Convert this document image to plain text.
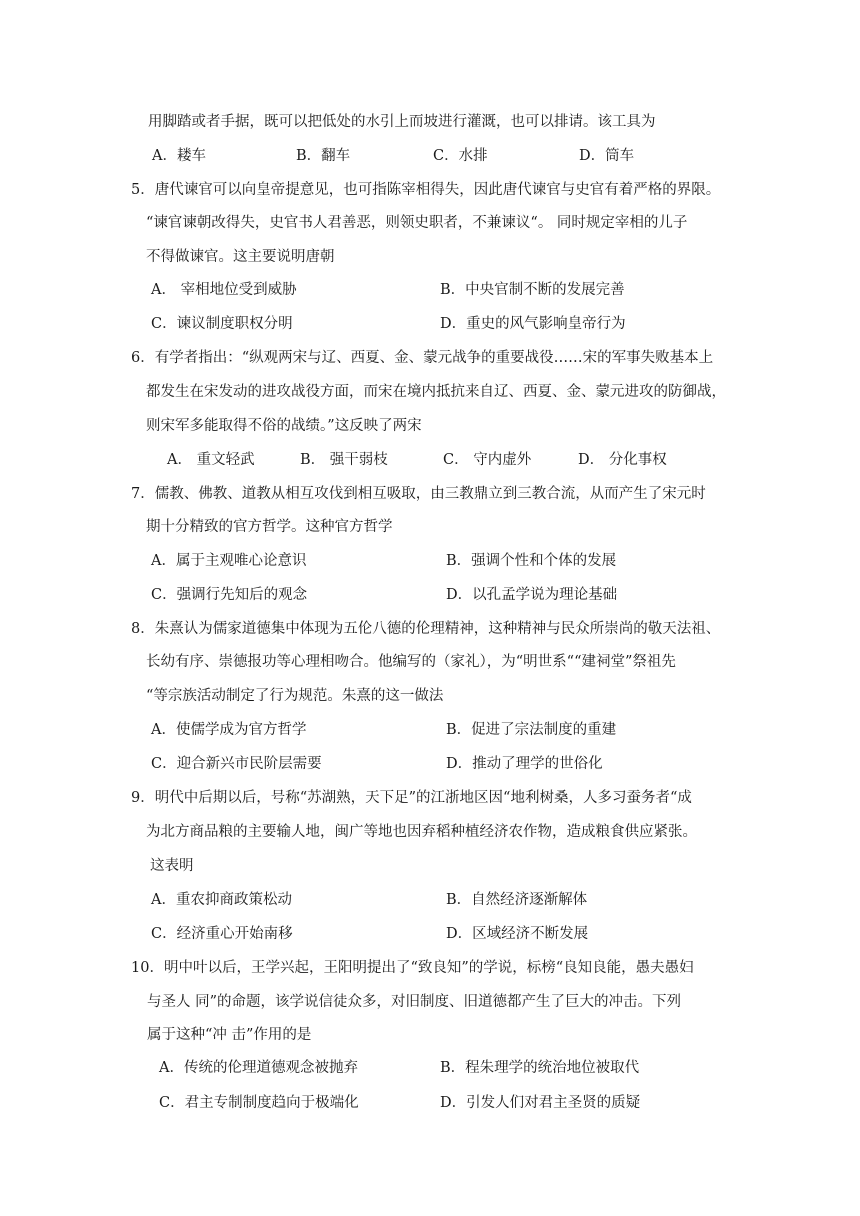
用脚踏或者手据，既可以把低处的水引上而坡进行灌溉，也可以排请。该工具为
A．耧车	B．翻车	C．水排	D．筒车
5．唐代谏官可以向皇帝提意见，也可指陈宰相得失，因此唐代谏官与史官有着严格的界限。
“谏官谏朝改得失，史官书人君善恶，则领史职者，不兼谏议“。 同时规定宰相的儿子
不得做谏官。这主要说明唐朝
A． 宰相地位受到威胁	B．中央官制不断的发展完善
C．谏议制度职权分明	D．重史的风气影响皇帝行为
6．有学者指出：“纵观两宋与辽、西夏、金、蒙元战争的重要战役……宋的军事失败基本上
都发生在宋发动的进攻战役方面，而宋在境内抵抗来自辽、西夏、金、蒙元进攻的防御战，
则宋军多能取得不俗的战绩。”这反映了两宋
A． 重文轻武	B． 强干弱枝	C． 守内虚外	D． 分化事权
7．儒教、佛教、道教从相互攻伐到相互吸取，由三教鼎立到三教合流，从而产生了宋元时
期十分精致的官方哲学。这种官方哲学
A．属于主观唯心论意识	B．强调个性和个体的发展
C．强调行先知后的观念	D．以孔孟学说为理论基础
8．朱熹认为儒家道德集中体现为五伦八德的伦理精神，这种精神与民众所崇尚的敬天法祖、
长幼有序、崇德报功等心理相吻合。他编写的（家礼），为“明世系““建祠堂”祭祖先
“等宗族活动制定了行为规范。朱熹的这一做法
A．使儒学成为官方哲学	B．促进了宗法制度的重建
C．迎合新兴市民阶层需要	D．推动了理学的世俗化
9．明代中后期以后，号称“苏湖熟，天下足”的江浙地区因“地利树桑，人多习蚕务者“成
为北方商品粮的主要输人地，闽广等地也因弃稻种植经济农作物，造成粮食供应紧张。
这表明
A．重农抑商政策松动	B．自然经济逐渐解体
C．经济重心开始南移	D．区域经济不断发展
10．明中叶以后，王学兴起，王阳明提出了“致良知”的学说，标榜“良知良能，愚夫愚妇
与圣人 同”的命题，该学说信徒众多，对旧制度、旧道德都产生了巨大的冲击。下列
属于这种“冲 击”作用的是
A．传统的伦理道德观念被抛弃	B．程朱理学的统治地位被取代
C．君主专制制度趋向于极端化	D．引发人们对君主圣贤的质疑
